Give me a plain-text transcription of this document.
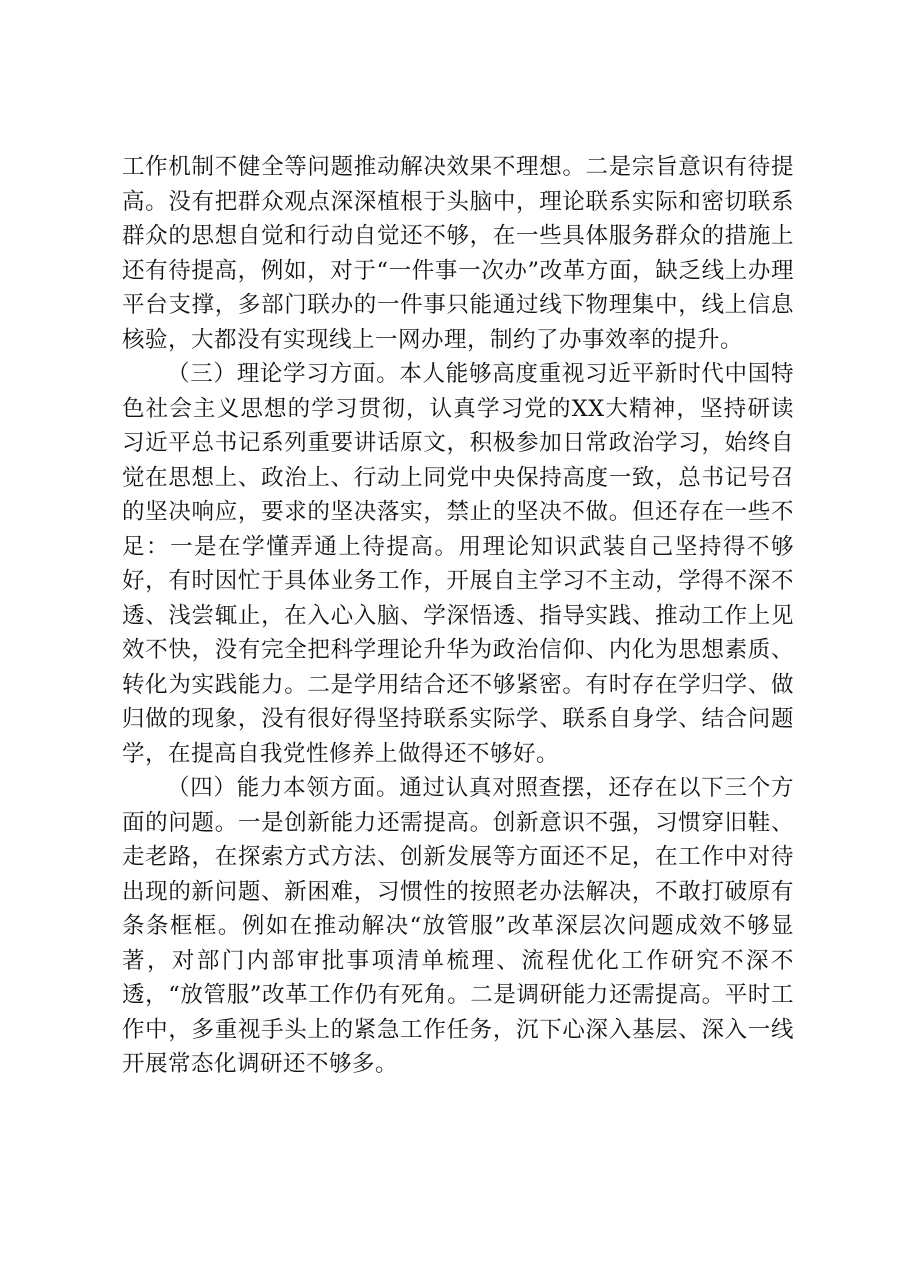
工作机制不健全等问题推动解决效果不理想。二是宗旨意识有待提高。没有把群众观点深深植根于头脑中，理论联系实际和密切联系群众的思想自觉和行动自觉还不够，在一些具体服务群众的措施上还有待提高，例如，对于“一件事一次办”改革方面，缺乏线上办理平台支撑，多部门联办的一件事只能通过线下物理集中，线上信息核验，大都没有实现线上一网办理，制约了办事效率的提升。

（三）理论学习方面。本人能够高度重视习近平新时代中国特色社会主义思想的学习贯彻，认真学习党的XX大精神，坚持研读习近平总书记系列重要讲话原文，积极参加日常政治学习，始终自觉在思想上、政治上、行动上同党中央保持高度一致，总书记号召的坚决响应，要求的坚决落实，禁止的坚决不做。但还存在一些不足：一是在学懂弄通上待提高。用理论知识武装自己坚持得不够好，有时因忙于具体业务工作，开展自主学习不主动，学得不深不透、浅尝辄止，在入心入脑、学深悟透、指导实践、推动工作上见效不快，没有完全把科学理论升华为政治信仰、内化为思想素质、转化为实践能力。二是学用结合还不够紧密。有时存在学归学、做归做的现象，没有很好得坚持联系实际学、联系自身学、结合问题学，在提高自我党性修养上做得还不够好。

（四）能力本领方面。通过认真对照查摆，还存在以下三个方面的问题。一是创新能力还需提高。创新意识不强，习惯穿旧鞋、走老路，在探索方式方法、创新发展等方面还不足，在工作中对待出现的新问题、新困难，习惯性的按照老办法解决，不敢打破原有条条框框。例如在推动解决“放管服”改革深层次问题成效不够显著，对部门内部审批事项清单梳理、流程优化工作研究不深不透，“放管服”改革工作仍有死角。二是调研能力还需提高。平时工作中，多重视手头上的紧急工作任务，沉下心深入基层、深入一线开展常态化调研还不够多。
